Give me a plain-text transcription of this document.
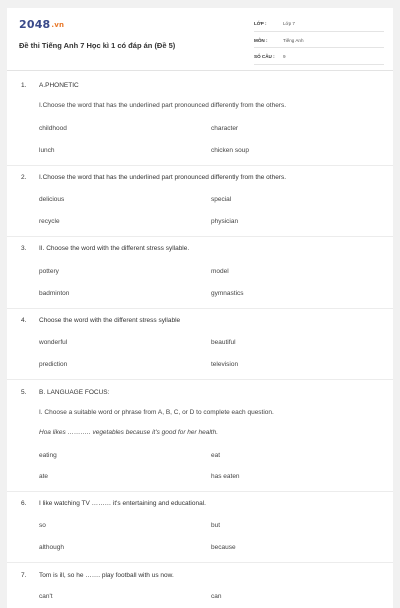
2048.vn
Đề thi Tiếng Anh 7 Học kì 1 có đáp án (Đề 5)
LỚP :	Lớp 7
MÔN :	Tiếng Anh
SỐ CÂU :	9
1. A.PHONETIC
I.Choose the word that has the underlined part pronounced differently from the others.
childhood	character
lunch	chicken soup
2. I.Choose the word that has the underlined part pronounced differently from the others.
delicious	special
recycle	physician
3. II. Choose the word with the different stress syllable.
pottery	model
badminton	gymnastics
4. Choose the word with the different stress syllable
wonderful	beautiful
prediction	television
5. B. LANGUAGE FOCUS:
I. Choose a suitable word or phrase from A, B, C, or D to complete each question.
Hoa likes ……….. vegetables because it's good for her health.
eating	eat
ate	has eaten
6. I like watching TV ……… it's entertaining and educational.
so	but
although	because
7. Tom is ill, so he ……. play football with us now.
can't	can
